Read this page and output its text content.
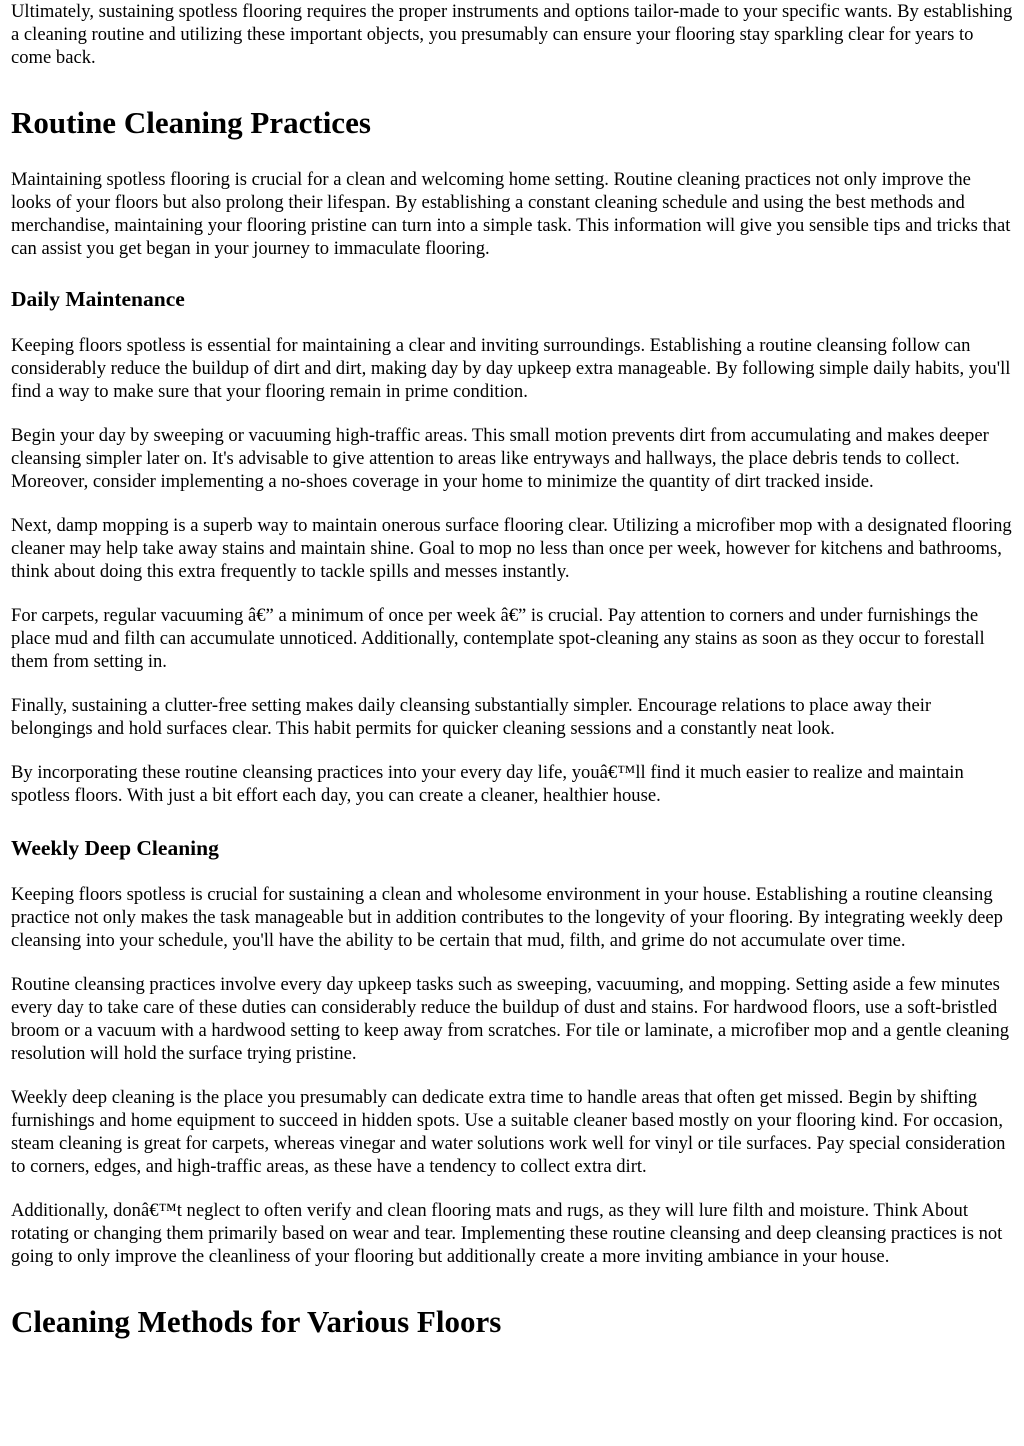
Ultimately, sustaining spotless flooring requires the proper instruments and options tailor-made to your specific wants. By establishing a cleaning routine and utilizing these important objects, you presumably can ensure your flooring stay sparkling clear for years to come back.

Routine Cleaning Practices

Maintaining spotless flooring is crucial for a clean and welcoming home setting. Routine cleaning practices not only improve the looks of your floors but also prolong their lifespan. By establishing a constant cleaning schedule and using the best methods and merchandise, maintaining your flooring pristine can turn into a simple task. This information will give you sensible tips and tricks that can assist you get began in your journey to immaculate flooring.

Daily Maintenance

Keeping floors spotless is essential for maintaining a clear and inviting surroundings. Establishing a routine cleansing follow can considerably reduce the buildup of dirt and dirt, making day by day upkeep extra manageable. By following simple daily habits, you'll find a way to make sure that your flooring remain in prime condition.

Begin your day by sweeping or vacuuming high-traffic areas. This small motion prevents dirt from accumulating and makes deeper cleansing simpler later on. It's advisable to give attention to areas like entryways and hallways, the place debris tends to collect. Moreover, consider implementing a no-shoes coverage in your home to minimize the quantity of dirt tracked inside.

Next, damp mopping is a superb way to maintain onerous surface flooring clear. Utilizing a microfiber mop with a designated flooring cleaner may help take away stains and maintain shine. Goal to mop no less than once per week, however for kitchens and bathrooms, think about doing this extra frequently to tackle spills and messes instantly.

For carpets, regular vacuuming â€” a minimum of once per week â€” is crucial. Pay attention to corners and under furnishings the place mud and filth can accumulate unnoticed. Additionally, contemplate spot-cleaning any stains as soon as they occur to forestall them from setting in.

Finally, sustaining a clutter-free setting makes daily cleansing substantially simpler. Encourage relations to place away their belongings and hold surfaces clear. This habit permits for quicker cleaning sessions and a constantly neat look.

By incorporating these routine cleansing practices into your every day life, youâ€™ll find it much easier to realize and maintain spotless floors. With just a bit effort each day, you can create a cleaner, healthier house.

Weekly Deep Cleaning

Keeping floors spotless is crucial for sustaining a clean and wholesome environment in your house. Establishing a routine cleansing practice not only makes the task manageable but in addition contributes to the longevity of your flooring. By integrating weekly deep cleansing into your schedule, you'll have the ability to be certain that mud, filth, and grime do not accumulate over time.

Routine cleansing practices involve every day upkeep tasks such as sweeping, vacuuming, and mopping. Setting aside a few minutes every day to take care of these duties can considerably reduce the buildup of dust and stains. For hardwood floors, use a soft-bristled broom or a vacuum with a hardwood setting to keep away from scratches. For tile or laminate, a microfiber mop and a gentle cleaning resolution will hold the surface trying pristine.

Weekly deep cleaning is the place you presumably can dedicate extra time to handle areas that often get missed. Begin by shifting furnishings and home equipment to succeed in hidden spots. Use a suitable cleaner based mostly on your flooring kind. For occasion, steam cleaning is great for carpets, whereas vinegar and water solutions work well for vinyl or tile surfaces. Pay special consideration to corners, edges, and high-traffic areas, as these have a tendency to collect extra dirt.

Additionally, donâ€™t neglect to often verify and clean flooring mats and rugs, as they will lure filth and moisture. Think About rotating or changing them primarily based on wear and tear. Implementing these routine cleansing and deep cleansing practices is not going to only improve the cleanliness of your flooring but additionally create a more inviting ambiance in your house.

Cleaning Methods for Various Floors
